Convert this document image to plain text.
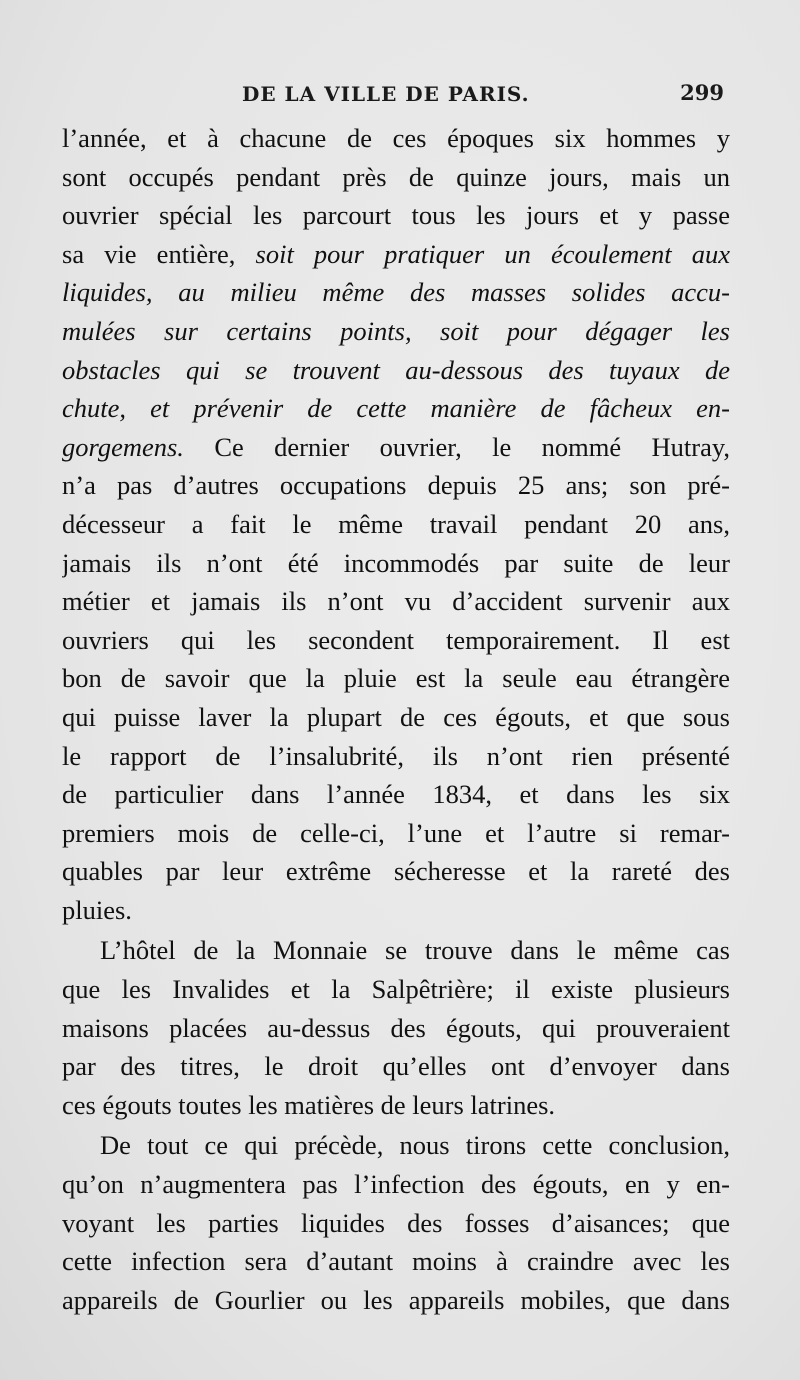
DE LA VILLE DE PARIS.	299
l’année, et à chacune de ces époques six hommes y
sont occupés pendant près de quinze jours, mais un
ouvrier spécial les parcourt tous les jours et y passe
sa vie entière, soit pour pratiquer un écoulement aux
liquides, au milieu même des masses solides accu-
mulées sur certains points, soit pour dégager les
obstacles qui se trouvent au-dessous des tuyaux de
chute, et prévenir de cette manière de fâcheux en-
gorgemens. Ce dernier ouvrier, le nommé Hutray,
n’a pas d’autres occupations depuis 25 ans; son pré-
décesseur a fait le même travail pendant 20 ans,
jamais ils n’ont été incommodés par suite de leur
métier et jamais ils n’ont vu d’accident survenir aux
ouvriers qui les secondent temporairement. Il est
bon de savoir que la pluie est la seule eau étrangère
qui puisse laver la plupart de ces égouts, et que sous
le rapport de l’insalubrité, ils n’ont rien présenté
de particulier dans l’année 1834, et dans les six
premiers mois de celle-ci, l’une et l’autre si remar-
quables par leur extrême sécheresse et la rareté des
pluies.
L’hôtel de la Monnaie se trouve dans le même cas
que les Invalides et la Salpêtrière; il existe plusieurs
maisons placées au-dessus des égouts, qui prouveraient
par des titres, le droit qu’elles ont d’envoyer dans
ces égouts toutes les matières de leurs latrines.
De tout ce qui précède, nous tirons cette conclusion,
qu’on n’augmentera pas l’infection des égouts, en y en-
voyant les parties liquides des fosses d’aisances; que
cette infection sera d’autant moins à craindre avec les
appareils de Gourlier ou les appareils mobiles, que dans
